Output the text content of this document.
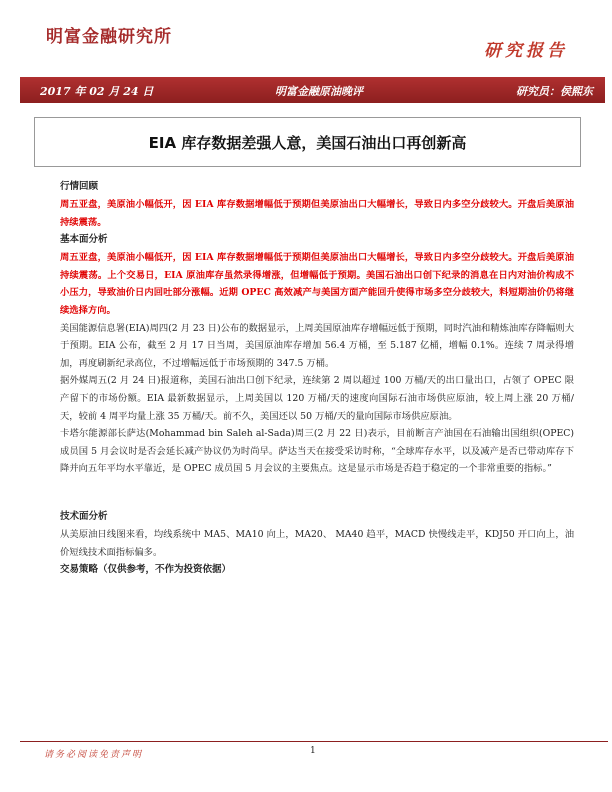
明富金融研究所
研究报告
2017 年 02 月 24 日	明富金融原油晚评	研究员：侯熙东
EIA 库存数据差强人意，美国石油出口再创新高

行情回顾

周五亚盘，美原油小幅低开，因 EIA 库存数据增幅低于预期但美原油出口大幅增长，导致日内多空分歧较大。开盘后美原油持续震荡。

基本面分析

周五亚盘，美原油小幅低开，因 EIA 库存数据增幅低于预期但美原油出口大幅增长，导致日内多空分歧较大。开盘后美原油持续震荡。上个交易日，EIA 原油库存虽然录得增涨，但增幅低于预期。美国石油出口创下纪录的消息在日内对油价构成不小压力，导致油价日内回吐部分涨幅。近期 OPEC 高效减产与美国方面产能回升使得市场多空分歧较大，料短期油价仍将继续选择方向。

美国能源信息署(EIA)周四(2 月 23 日)公布的数据显示，上周美国原油库存增幅远低于预期，同时汽油和精炼油库存降幅则大于预期。EIA 公布，截至 2 月 17 日当周，美国原油库存增加 56.4 万桶，至 5.187 亿桶，增幅 0.1%。连续 7 周录得增加，再度刷新纪录高位，不过增幅远低于市场预期的 347.5 万桶。

据外媒周五(2 月 24 日)报道称，美国石油出口创下纪录，连续第 2 周以超过 100 万桶/天的出口量出口，占领了 OPEC 限产留下的市场份额。EIA 最新数据显示，上周美国以 120 万桶/天的速度向国际石油市场供应原油，较上周上涨 20 万桶/天，较前 4 周平均量上涨 35 万桶/天。前不久，美国还以 50 万桶/天的量向国际市场供应原油。

卡塔尔能源部长萨达(Mohammad bin Saleh al-Sada)周三(2 月 22 日)表示，目前断言产油国在石油输出国组织(OPEC)成员国 5 月会议时是否会延长减产协议仍为时尚早。萨达当天在接受采访时称，“全球库存水平，以及减产是否已带动库存下降并向五年平均水平靠近，是 OPEC 成员国 5 月会议的主要焦点。这是显示市场是否趋于稳定的一个非常重要的指标。”

技术面分析

从美原油日线图来看，均线系统中 MA5、MA10 向上，MA20、 MA40 趋平，MACD 快慢线走平，KDJ50 开口向上，油价短线技术面指标偏多。

交易策略（仅供参考，不作为投资依据）

请务必阅读免责声明	1
